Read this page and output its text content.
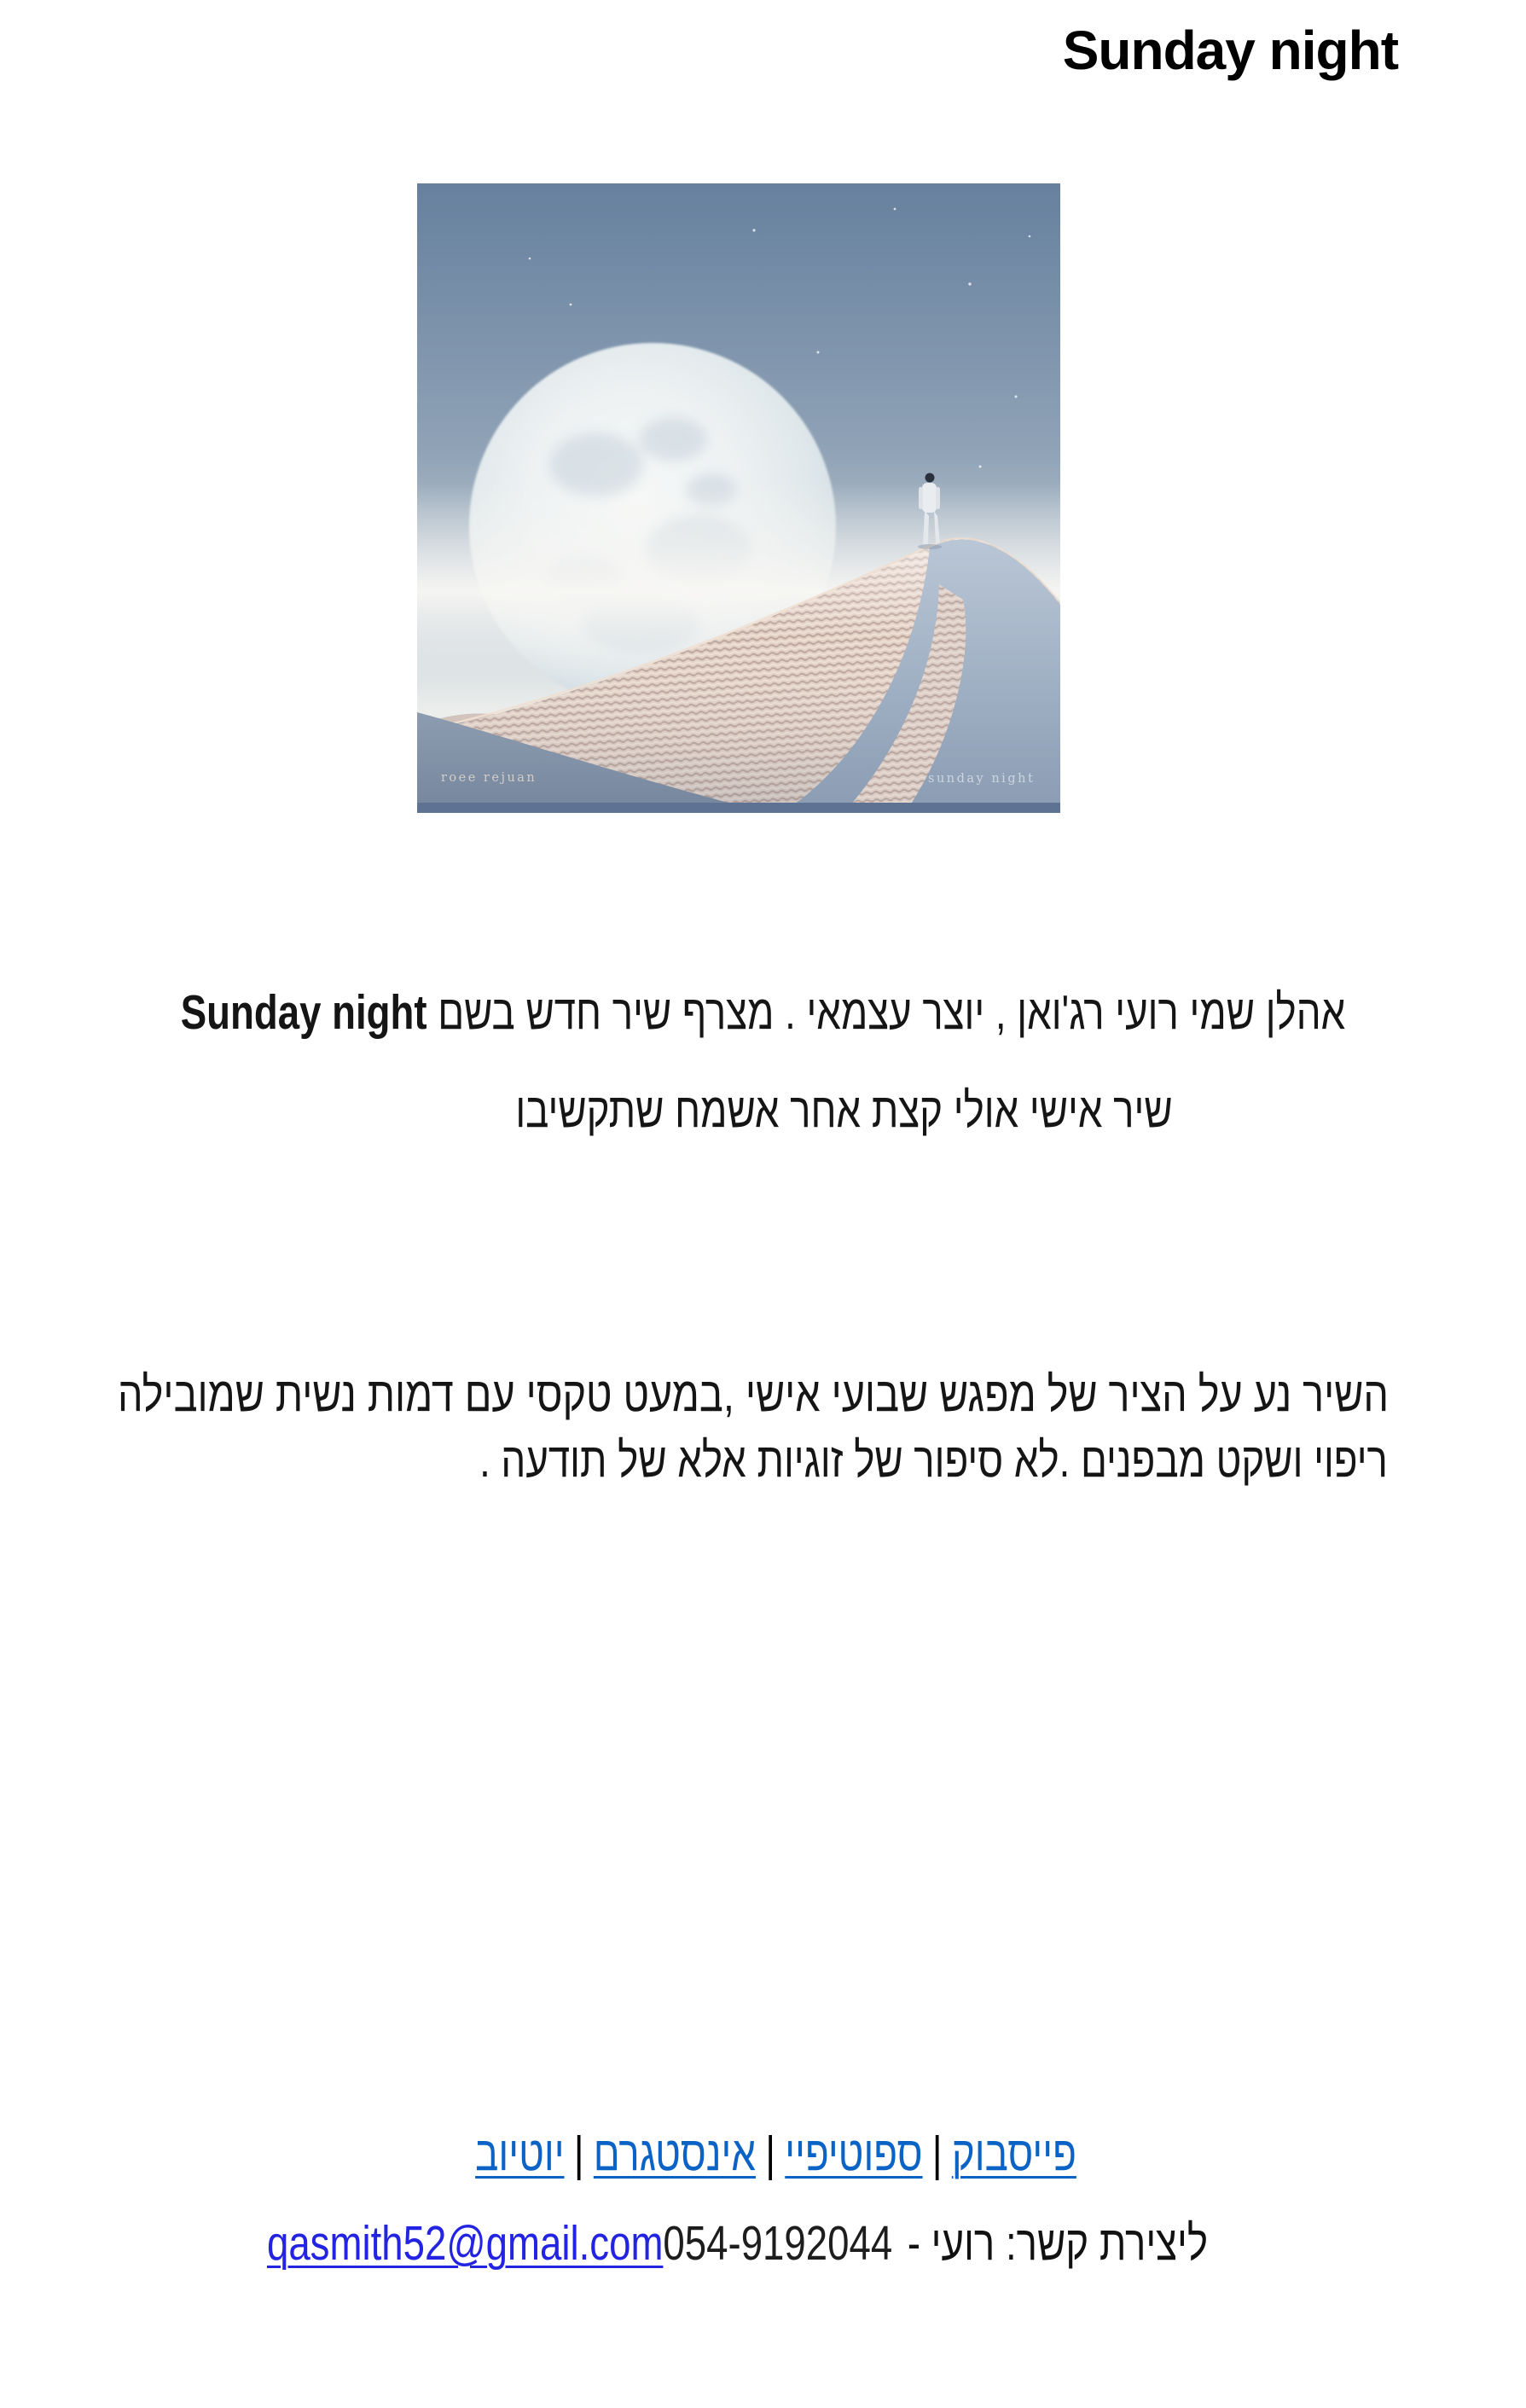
Sunday night
roee rejuan	sunday night
אהלן שמי רועי רג'ואן , יוצר עצמאי . מצרף שיר חדש בשם Sunday night
שיר אישי אולי קצת אחר אשמח שתקשיבו
השיר נע על הציר של מפגש שבועי אישי ,במעט טקסי עם דמות נשית שמובילה
ריפוי ושקט מבפנים .לא סיפור של זוגיות אלא של תודעה .
פייסבוק|ספוטיפיי|אינסטגרם|יוטיוב
ליצירת קשר: רועי -qasmith52@gmail.com054-9192044
